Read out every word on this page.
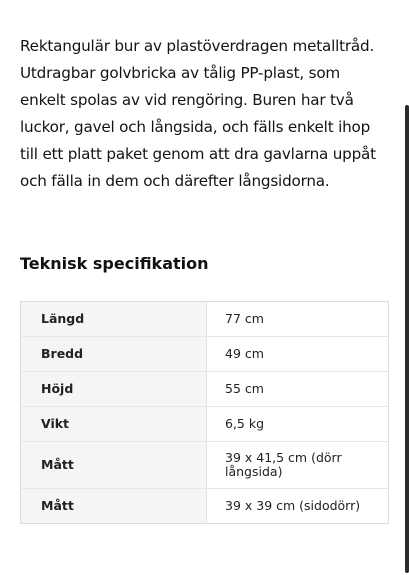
Rektangulär bur av plastöverdragen metalltråd. Utdragbar golvbricka av tålig PP-plast, som enkelt spolas av vid rengöring. Buren har två luckor, gavel och långsida, och fälls enkelt ihop till ett platt paket genom att dra gavlarna uppåt och fälla in dem och därefter långsidorna.

Teknisk specifikation
Längd	77 cm
Bredd	49 cm
Höjd	55 cm
Vikt	6,5 kg
Mått	39 x 41,5 cm (dörr långsida)
Mått	39 x 39 cm (sidodörr)
